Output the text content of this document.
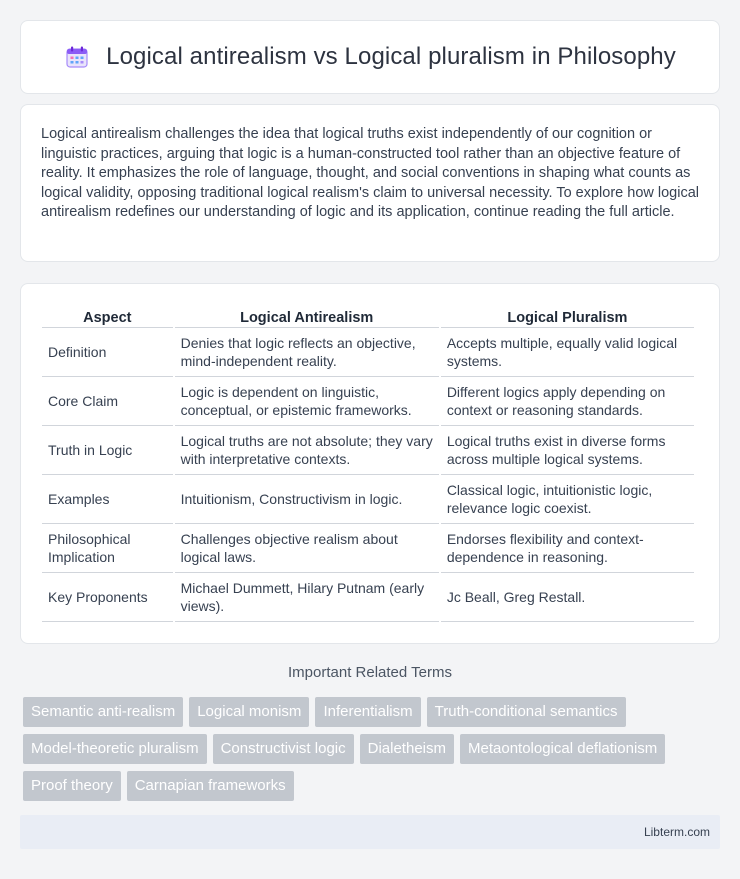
Logical antirealism vs Logical pluralism in Philosophy

Logical antirealism challenges the idea that logical truths exist independently of our cognition or linguistic practices, arguing that logic is a human-constructed tool rather than an objective feature of reality. It emphasizes the role of language, thought, and social conventions in shaping what counts as logical validity, opposing traditional logical realism's claim to universal necessity. To explore how logical antirealism redefines our understanding of logic and its application, continue reading the full article.

Aspect	Logical Antirealism	Logical Pluralism
Definition	Denies that logic reflects an objective, mind-independent reality.	Accepts multiple, equally valid logical systems.
Core Claim	Logic is dependent on linguistic, conceptual, or epistemic frameworks.	Different logics apply depending on context or reasoning standards.
Truth in Logic	Logical truths are not absolute; they vary with interpretative contexts.	Logical truths exist in diverse forms across multiple logical systems.
Examples	Intuitionism, Constructivism in logic.	Classical logic, intuitionistic logic, relevance logic coexist.
Philosophical Implication	Challenges objective realism about logical laws.	Endorses flexibility and context-dependence in reasoning.
Key Proponents	Michael Dummett, Hilary Putnam (early views).	Jc Beall, Greg Restall.
Important Related Terms
Semantic anti-realism	Logical monism	Inferentialism	Truth-conditional semantics
Model-theoretic pluralism	Constructivist logic	Dialetheism	Metaontological deflationism
Proof theory	Carnapian frameworks
Libterm.com
